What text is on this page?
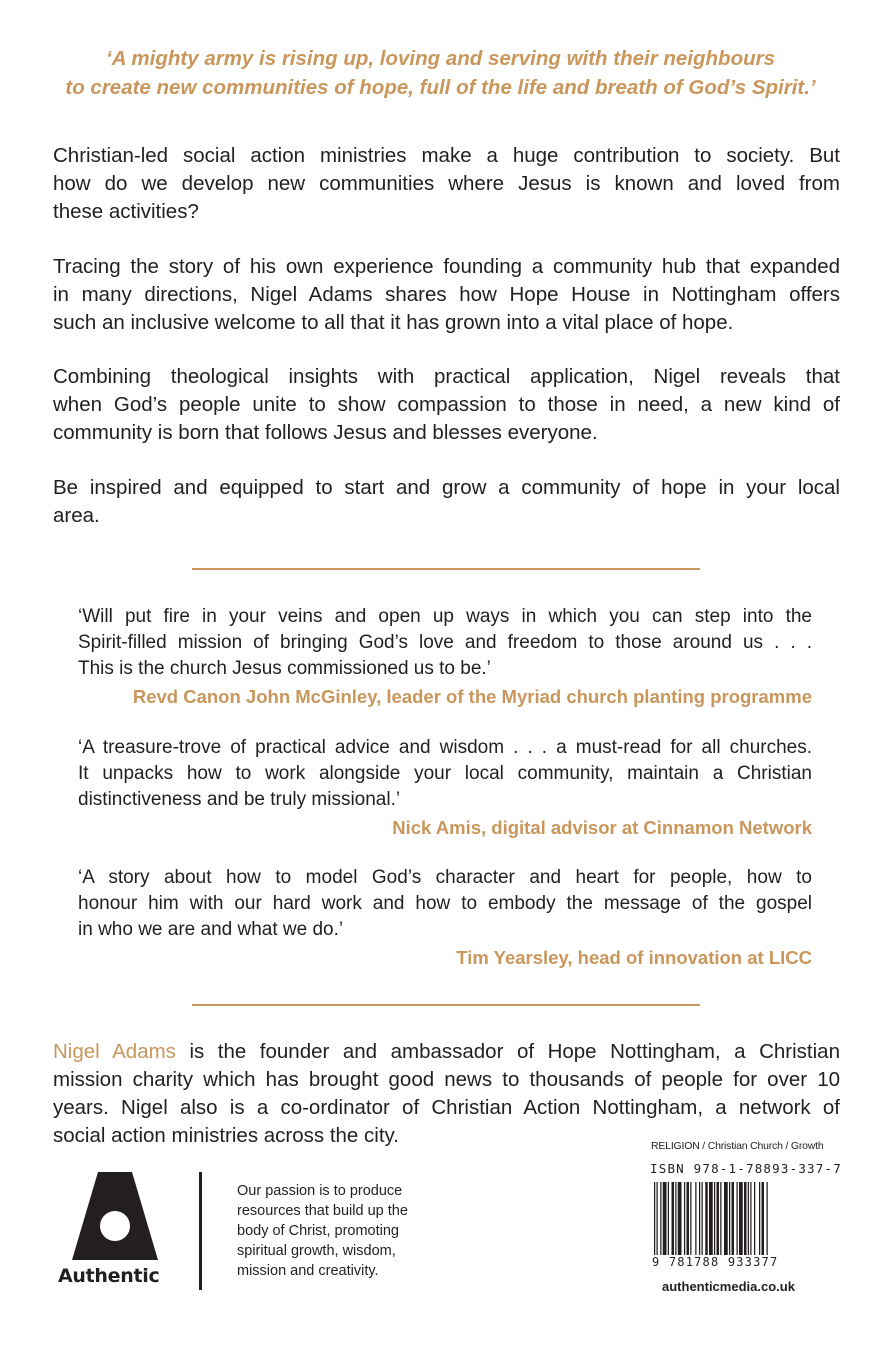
‘A mighty army is rising up, loving and serving with their neighbours
to create new communities of hope, full of the life and breath of God’s Spirit.’

Christian-led social action ministries make a huge contribution to society. But
how do we develop new communities where Jesus is known and loved from
these activities?

Tracing the story of his own experience founding a community hub that expanded
in many directions, Nigel Adams shares how Hope House in Nottingham offers
such an inclusive welcome to all that it has grown into a vital place of hope.

Combining theological insights with practical application, Nigel reveals that
when God’s people unite to show compassion to those in need, a new kind of
community is born that follows Jesus and blesses everyone.

Be inspired and equipped to start and grow a community of hope in your local
area.

‘Will put fire in your veins and open up ways in which you can step into the
Spirit-filled mission of bringing God’s love and freedom to those around us . . .
This is the church Jesus commissioned us to be.’
Revd Canon John McGinley, leader of the Myriad church planting programme
‘A treasure-trove of practical advice and wisdom . . . a must-read for all churches.
It unpacks how to work alongside your local community, maintain a Christian
distinctiveness and be truly missional.’
Nick Amis, digital advisor at Cinnamon Network
‘A story about how to model God’s character and heart for people, how to
honour him with our hard work and how to embody the message of the gospel
in who we are and what we do.’
Tim Yearsley, head of innovation at LICC

Nigel Adams is the founder and ambassador of Hope Nottingham, a Christian
mission charity which has brought good news to thousands of people for over 10
years. Nigel also is a co-ordinator of Christian Action Nottingham, a network of
social action ministries across the city.

Authentic

Our passion is to produce
resources that build up the
body of Christ, promoting
spiritual growth, wisdom,
mission and creativity.

RELIGION / Christian Church / Growth
ISBN 978-1-78893-337-7
9 781788 933377
authenticmedia.co.uk
